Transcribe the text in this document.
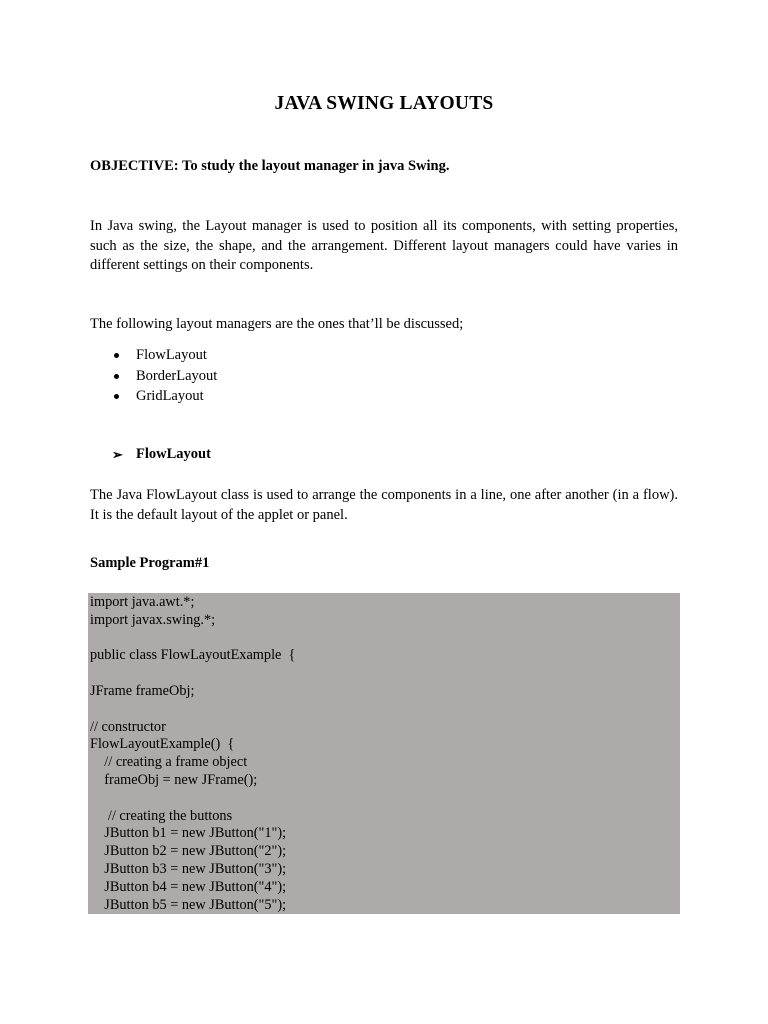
JAVA SWING LAYOUTS

OBJECTIVE: To study the layout manager in java Swing.

In Java swing, the Layout manager is used to position all its components, with setting properties, such as the size, the shape, and the arrangement. Different layout managers could have varies in different settings on their components.

The following layout managers are the ones that’ll be discussed;

FlowLayout
BorderLayout
GridLayout
➢ FlowLayout

The Java FlowLayout class is used to arrange the components in a line, one after another (in a flow). It is the default layout of the applet or panel.

Sample Program#1

import java.awt.*;
import javax.swing.*;
public class FlowLayoutExample  {
JFrame frameObj;
// constructor
FlowLayoutExample()  {
// creating a frame object
frameObj = new JFrame();
// creating the buttons
JButton b1 = new JButton("1");
JButton b2 = new JButton("2");
JButton b3 = new JButton("3");
JButton b4 = new JButton("4");
JButton b5 = new JButton("5");
